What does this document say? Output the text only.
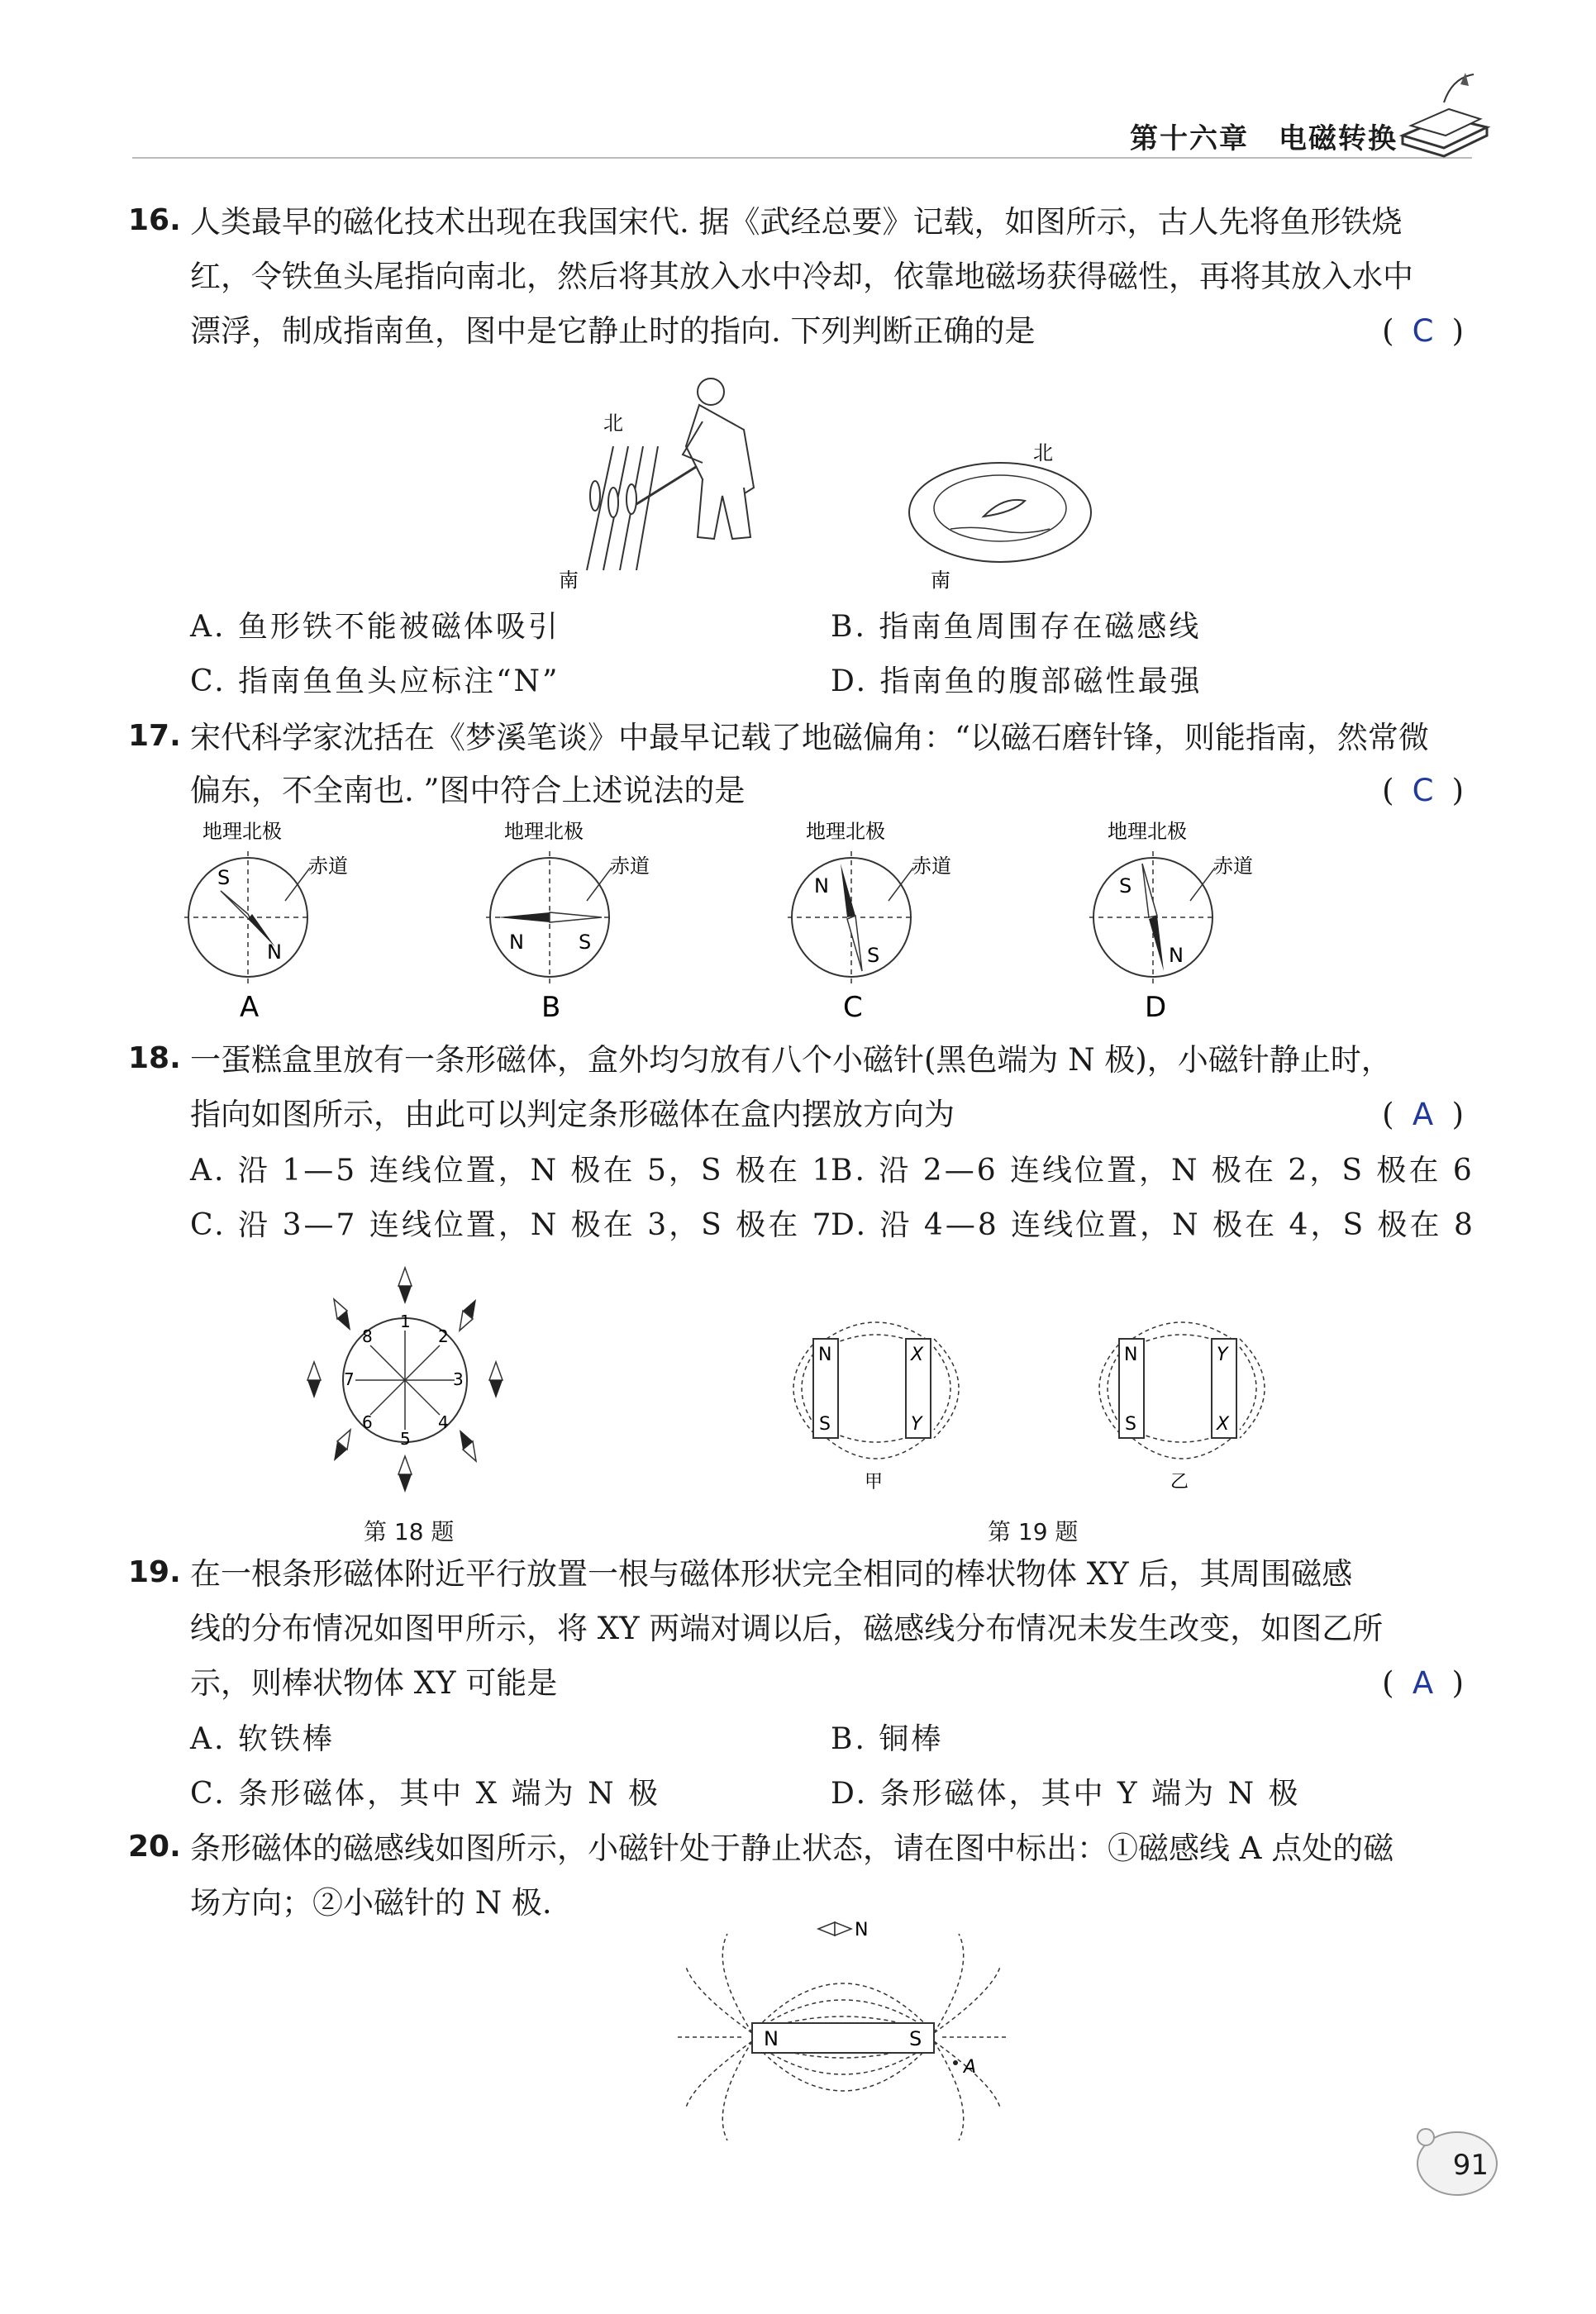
第十六章　电磁转换
16. 人类最早的磁化技术出现在我国宋代. 据《武经总要》记载，如图所示，古人先将鱼形铁烧
红，令铁鱼头尾指向南北，然后将其放入水中冷却，依靠地磁场获得磁性，再将其放入水中
漂浮，制成指南鱼，图中是它静止时的指向. 下列判断正确的是	( C )
北
南
北
南
A. 鱼形铁不能被磁体吸引	B. 指南鱼周围存在磁感线
C. 指南鱼鱼头应标注“N”	D. 指南鱼的腹部磁性最强
17. 宋代科学家沈括在《梦溪笔谈》中最早记载了地磁偏角：“以磁石磨针锋，则能指南，然常微
偏东，不全南也. ”图中符合上述说法的是	( C )
地理北极
赤道
S
N
A
地理北极
赤道
N	S
B
地理北极
赤道
N
S
C
地理北极
赤道
S
N
D
18. 一蛋糕盒里放有一条形磁体，盒外均匀放有八个小磁针(黑色端为 N 极)，小磁针静止时，
指向如图所示，由此可以判定条形磁体在盒内摆放方向为	( A )
A. 沿 1—5 连线位置，N 极在 5，S 极在 1
B. 沿 2—6 连线位置，N 极在 2，S 极在 6
C. 沿 3—7 连线位置，N 极在 3，S 极在 7
D. 沿 4—8 连线位置，N 极在 4，S 极在 8
1
2
3
4
5
6
7
8
第 18 题
N
S
X
Y
甲
N
S
Y
X
乙
第 19 题
19. 在一根条形磁体附近平行放置一根与磁体形状完全相同的棒状物体 XY 后，其周围磁感
线的分布情况如图甲所示，将 XY 两端对调以后，磁感线分布情况未发生改变，如图乙所
示，则棒状物体 XY 可能是	( A )
A. 软铁棒	B. 铜棒
C. 条形磁体，其中 X 端为 N 极	D. 条形磁体，其中 Y 端为 N 极
20. 条形磁体的磁感线如图所示，小磁针处于静止状态，请在图中标出：①磁感线 A 点处的磁
场方向；②小磁针的 N 极.
N	S
N
A
91
